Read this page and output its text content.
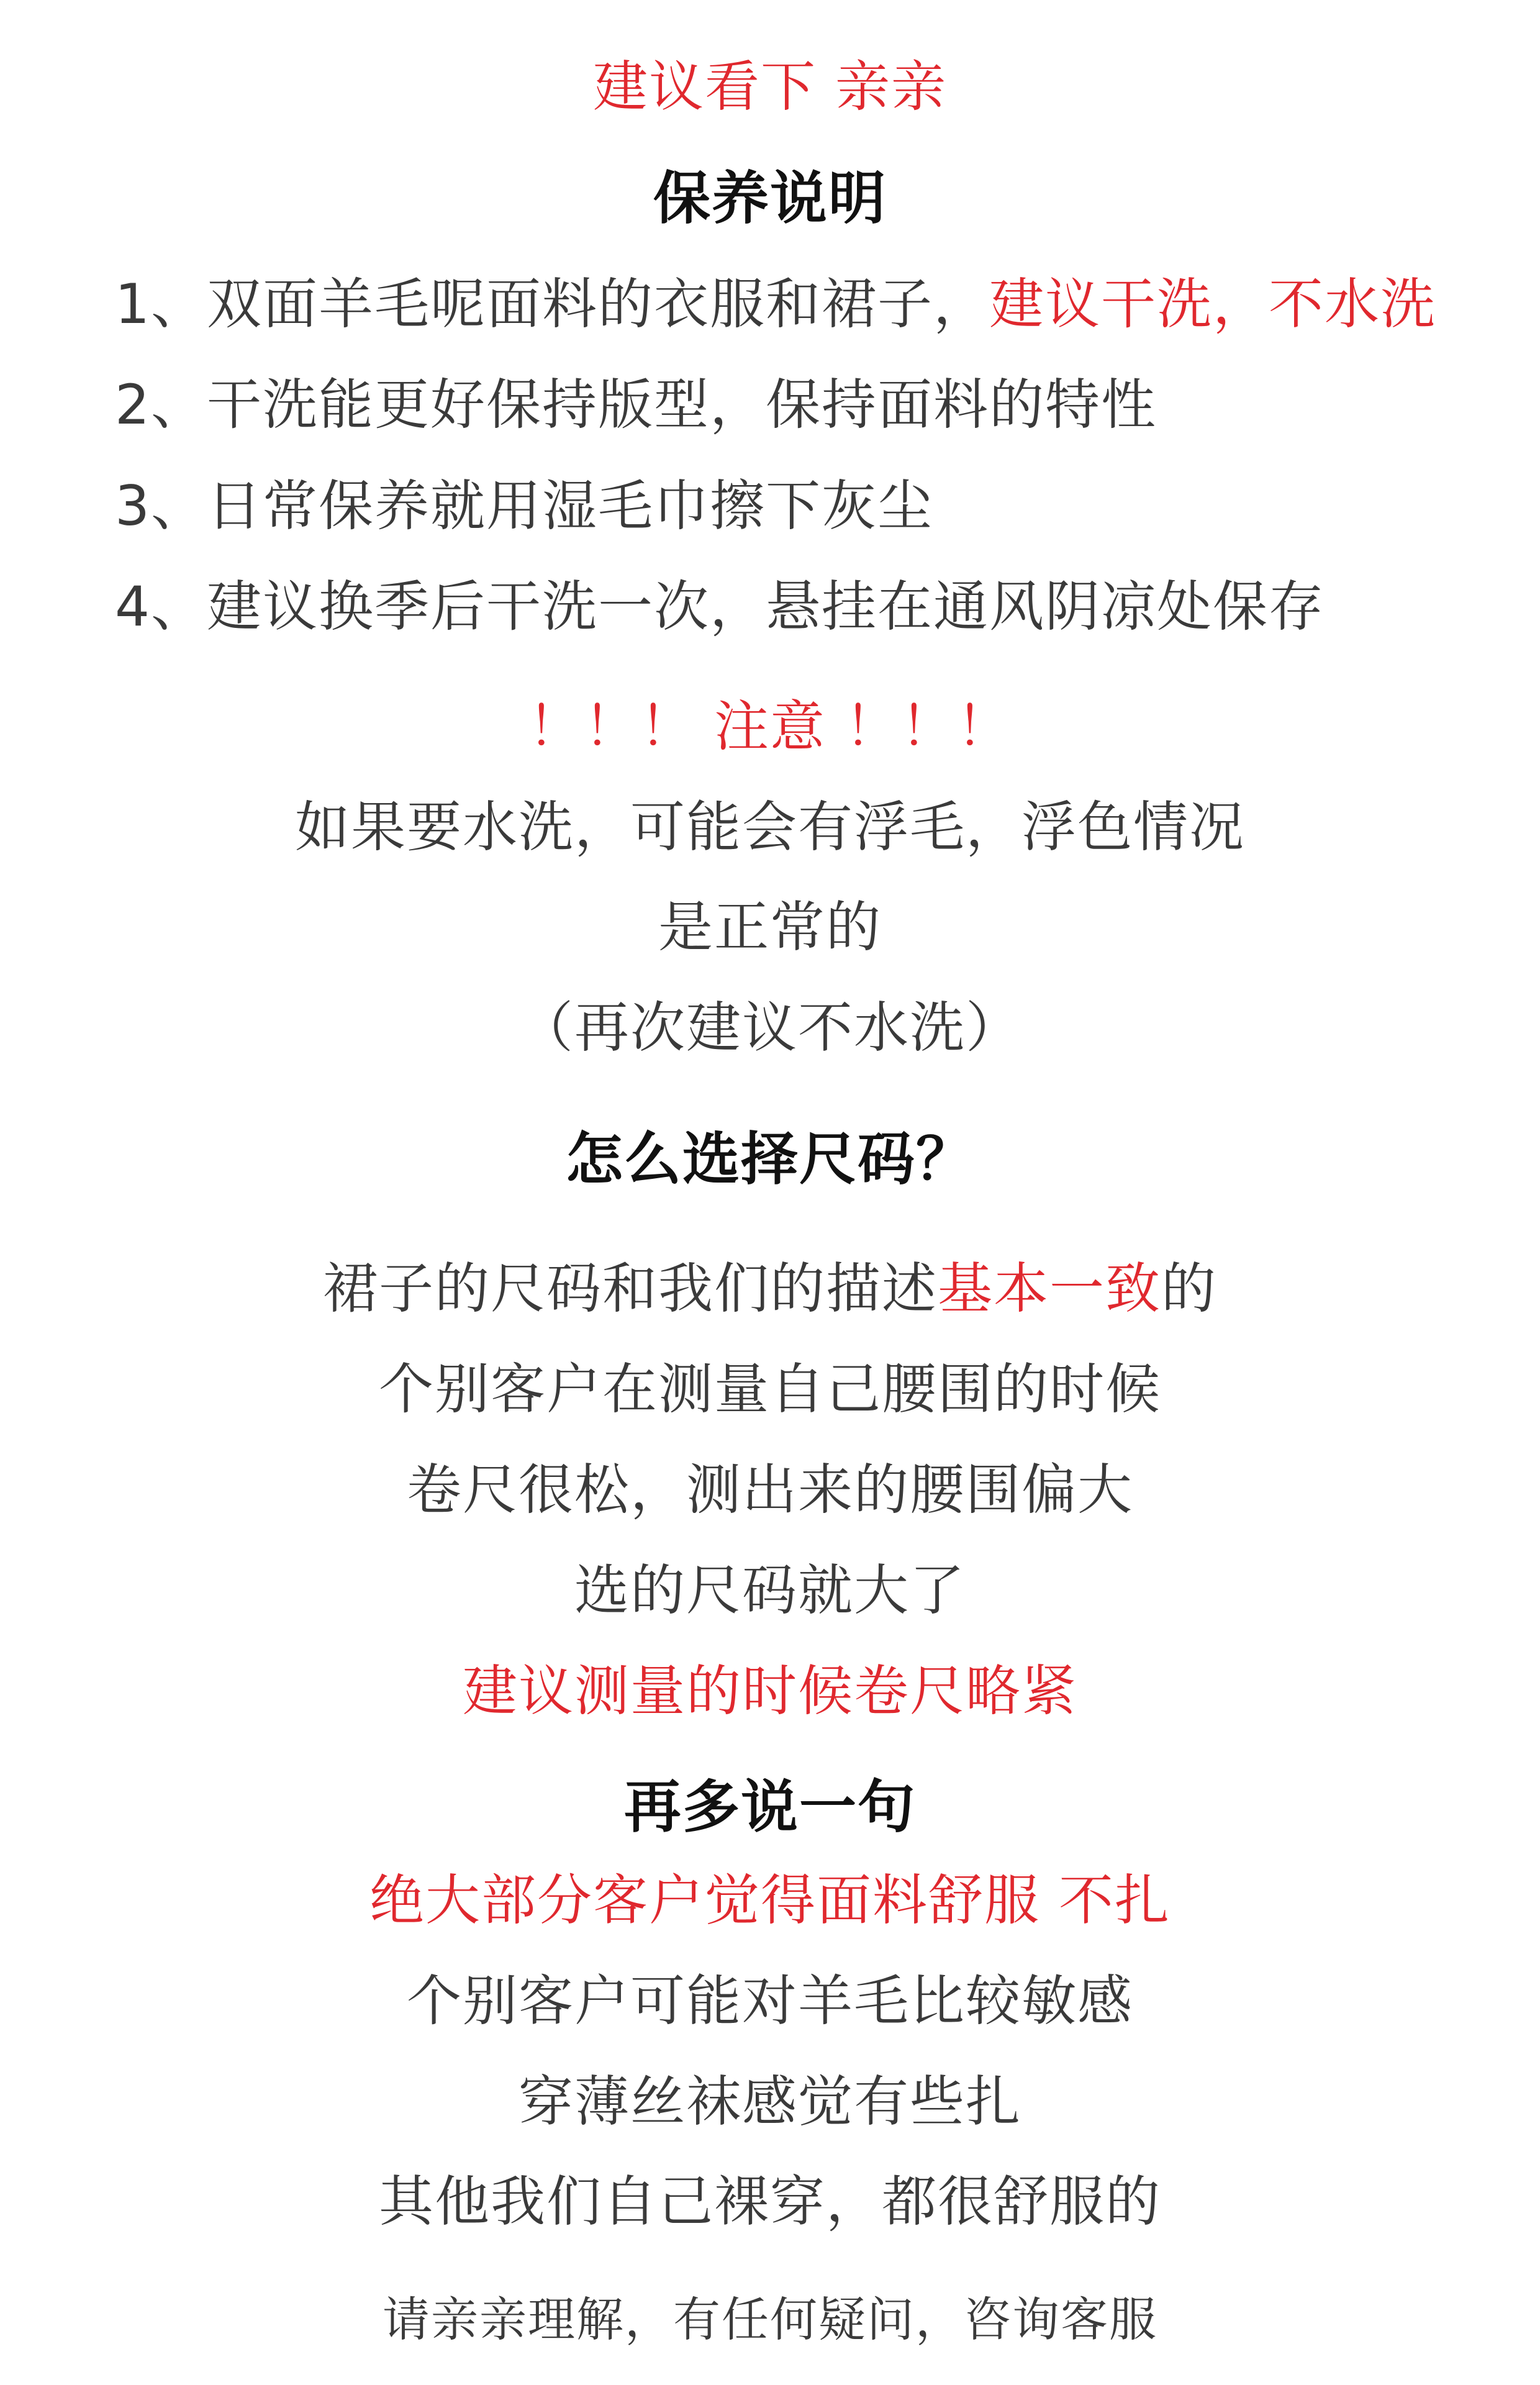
建议看下 亲亲
保养说明
1、双面羊毛呢面料的衣服和裙子，建议干洗，不水洗
2、干洗能更好保持版型，保持面料的特性
3、日常保养就用湿毛巾擦下灰尘
4、建议换季后干洗一次，悬挂在通风阴凉处保存
！！！ 注意 ！！！
如果要水洗，可能会有浮毛，浮色情况
是正常的
（再次建议不水洗）
怎么选择尺码？
裙子的尺码和我们的描述基本一致的
个别客户在测量自己腰围的时候
卷尺很松，测出来的腰围偏大
选的尺码就大了
建议测量的时候卷尺略紧
再多说一句
绝大部分客户觉得面料舒服 不扎
个别客户可能对羊毛比较敏感
穿薄丝袜感觉有些扎
其他我们自己裸穿，都很舒服的
请亲亲理解，有任何疑问，咨询客服
